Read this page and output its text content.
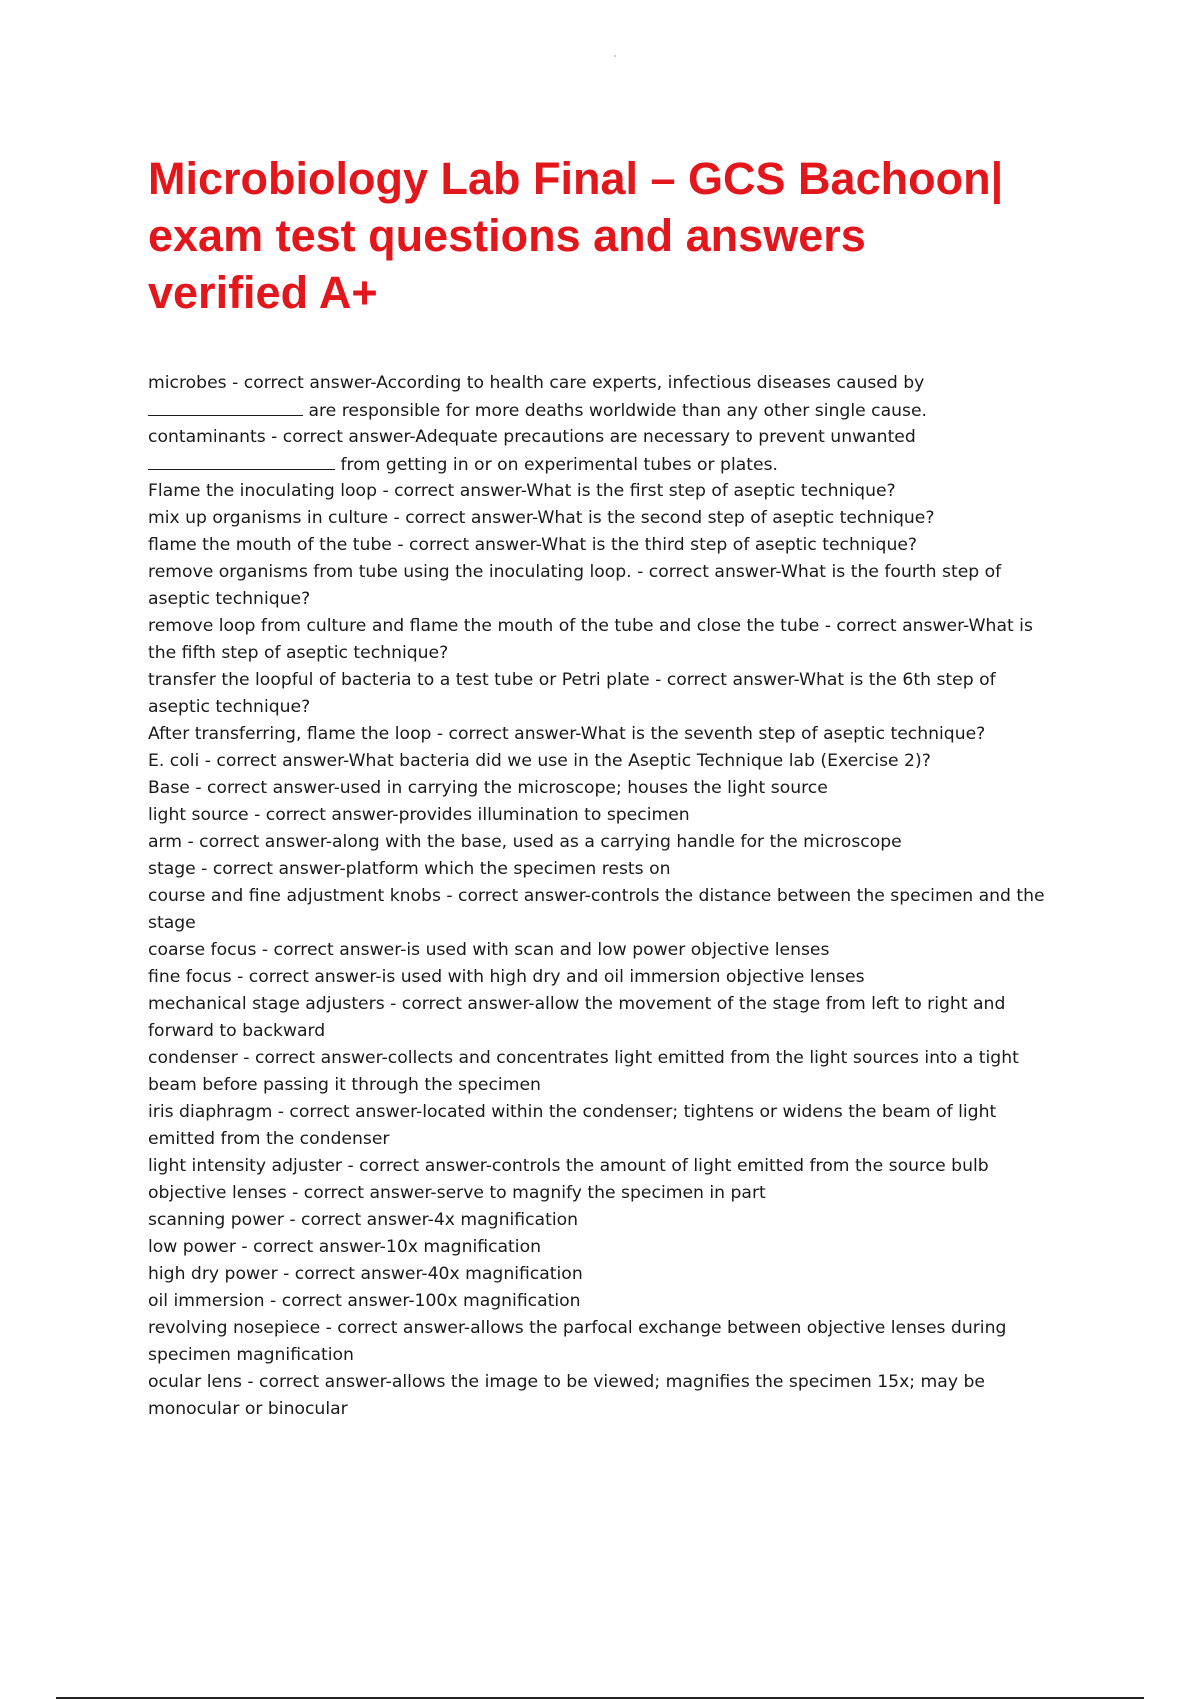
Microbiology Lab Final – GCS Bachoon|
exam test questions and answers
verified A+
microbes - correct answer-According to health care experts, infectious diseases caused by
are responsible for more deaths worldwide than any other single cause.
contaminants - correct answer-Adequate precautions are necessary to prevent unwanted
from getting in or on experimental tubes or plates.
Flame the inoculating loop - correct answer-What is the first step of aseptic technique?
mix up organisms in culture - correct answer-What is the second step of aseptic technique?
flame the mouth of the tube - correct answer-What is the third step of aseptic technique?
remove organisms from tube using the inoculating loop. - correct answer-What is the fourth step of
aseptic technique?
remove loop from culture and flame the mouth of the tube and close the tube - correct answer-What is
the fifth step of aseptic technique?
transfer the loopful of bacteria to a test tube or Petri plate - correct answer-What is the 6th step of
aseptic technique?
After transferring, flame the loop - correct answer-What is the seventh step of aseptic technique?
E. coli - correct answer-What bacteria did we use in the Aseptic Technique lab (Exercise 2)?
Base - correct answer-used in carrying the microscope; houses the light source
light source - correct answer-provides illumination to specimen
arm - correct answer-along with the base, used as a carrying handle for the microscope
stage - correct answer-platform which the specimen rests on
course and fine adjustment knobs - correct answer-controls the distance between the specimen and the
stage
coarse focus - correct answer-is used with scan and low power objective lenses
fine focus - correct answer-is used with high dry and oil immersion objective lenses
mechanical stage adjusters - correct answer-allow the movement of the stage from left to right and
forward to backward
condenser - correct answer-collects and concentrates light emitted from the light sources into a tight
beam before passing it through the specimen
iris diaphragm - correct answer-located within the condenser; tightens or widens the beam of light
emitted from the condenser
light intensity adjuster - correct answer-controls the amount of light emitted from the source bulb
objective lenses - correct answer-serve to magnify the specimen in part
scanning power - correct answer-4x magnification
low power - correct answer-10x magnification
high dry power - correct answer-40x magnification
oil immersion - correct answer-100x magnification
revolving nosepiece - correct answer-allows the parfocal exchange between objective lenses during
specimen magnification
ocular lens - correct answer-allows the image to be viewed; magnifies the specimen 15x; may be
monocular or binocular
